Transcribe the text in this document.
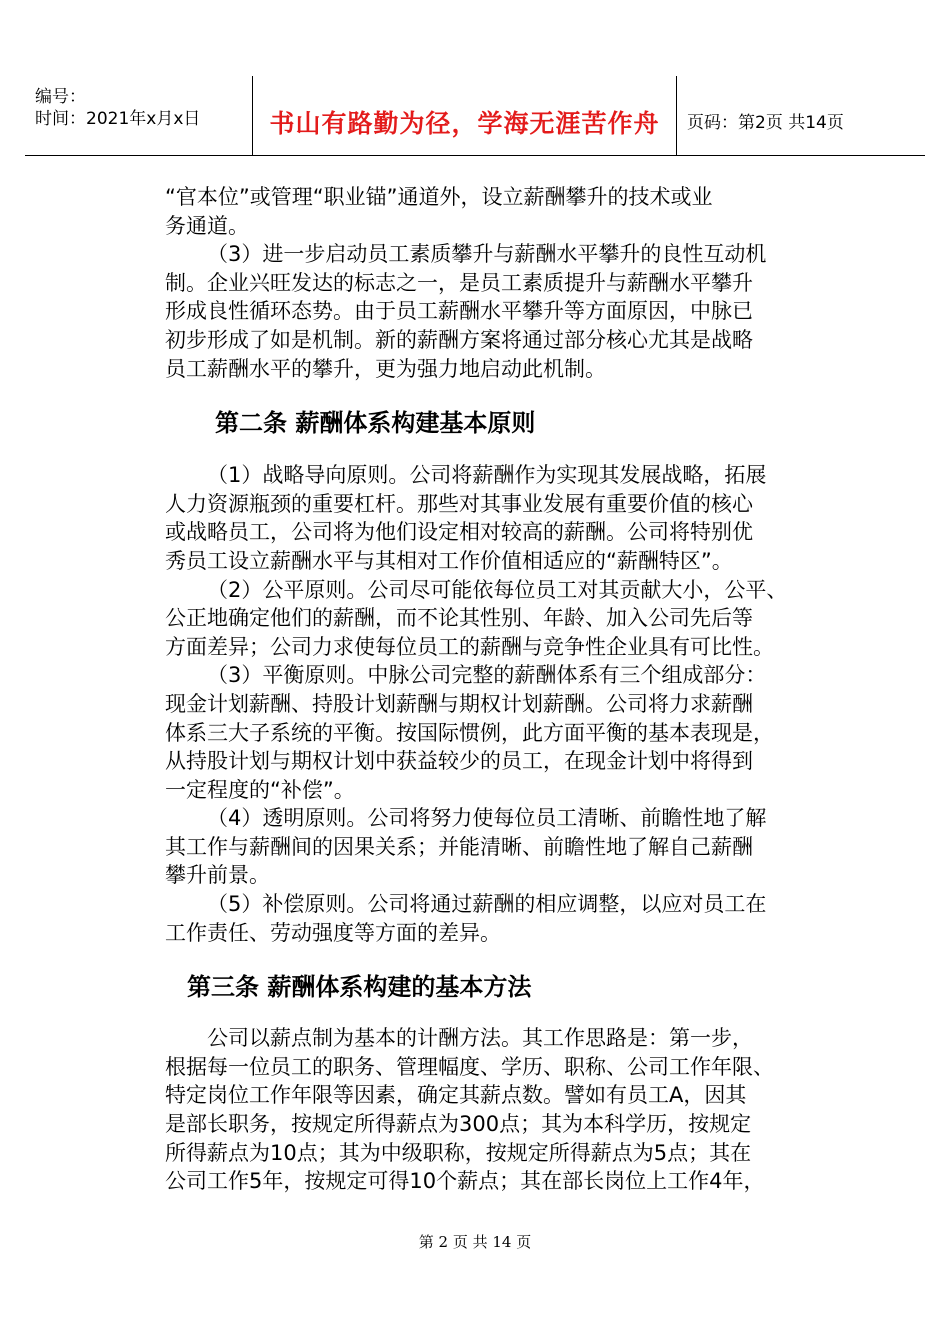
编号：
时间：2021年x月x日	书山有路勤为径，学海无涯苦作舟	页码：第2页 共14页
“官本位”或管理“职业锚”通道外，设立薪酬攀升的技术或业
务通道。
（3）进一步启动员工素质攀升与薪酬水平攀升的良性互动机
制。企业兴旺发达的标志之一，是员工素质提升与薪酬水平攀升
形成良性循环态势。由于员工薪酬水平攀升等方面原因，中脉已
初步形成了如是机制。新的薪酬方案将通过部分核心尤其是战略
员工薪酬水平的攀升，更为强力地启动此机制。
第二条 薪酬体系构建基本原则
（1）战略导向原则。公司将薪酬作为实现其发展战略，拓展
人力资源瓶颈的重要杠杆。那些对其事业发展有重要价值的核心
或战略员工，公司将为他们设定相对较高的薪酬。公司将特别优
秀员工设立薪酬水平与其相对工作价值相适应的“薪酬特区”。
（2）公平原则。公司尽可能依每位员工对其贡献大小，公平、
公正地确定他们的薪酬，而不论其性别、年龄、加入公司先后等
方面差异；公司力求使每位员工的薪酬与竞争性企业具有可比性。
（3）平衡原则。中脉公司完整的薪酬体系有三个组成部分：
现金计划薪酬、持股计划薪酬与期权计划薪酬。公司将力求薪酬
体系三大子系统的平衡。按国际惯例，此方面平衡的基本表现是，
从持股计划与期权计划中获益较少的员工，在现金计划中将得到
一定程度的“补偿”。
（4）透明原则。公司将努力使每位员工清晰、前瞻性地了解
其工作与薪酬间的因果关系；并能清晰、前瞻性地了解自己薪酬
攀升前景。
（5）补偿原则。公司将通过薪酬的相应调整，以应对员工在
工作责任、劳动强度等方面的差异。
第三条 薪酬体系构建的基本方法
公司以薪点制为基本的计酬方法。其工作思路是：第一步，
根据每一位员工的职务、管理幅度、学历、职称、公司工作年限、
特定岗位工作年限等因素，确定其薪点数。譬如有员工A，因其
是部长职务，按规定所得薪点为300点；其为本科学历，按规定
所得薪点为10点；其为中级职称，按规定所得薪点为5点；其在
公司工作5年，按规定可得10个薪点；其在部长岗位上工作4年，
第 2 页 共 14 页
